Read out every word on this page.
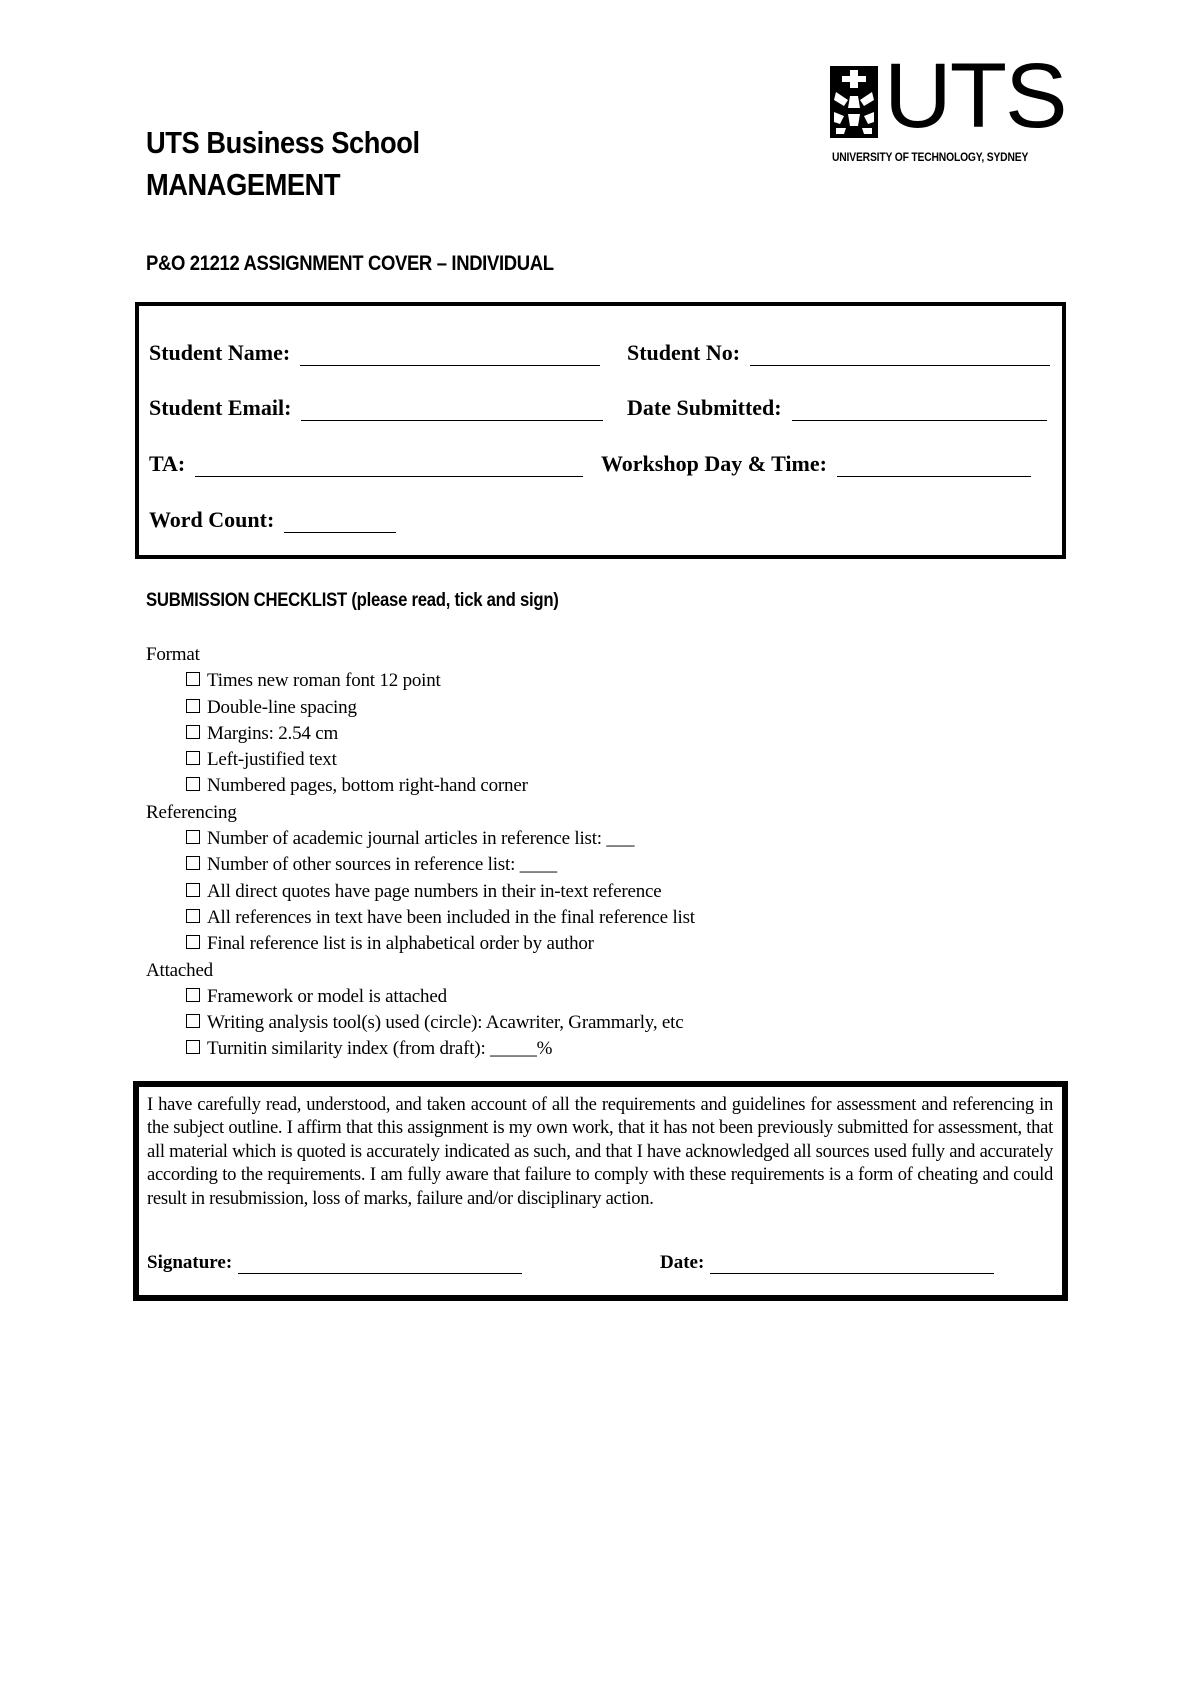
UTS Business School
MANAGEMENT
UTS
UNIVERSITY OF TECHNOLOGY, SYDNEY
P&O 21212 ASSIGNMENT COVER – INDIVIDUAL
Student Name:	Student No:
Student Email:	Date Submitted:
TA:	Workshop Day & Time:
Word Count:
SUBMISSION CHECKLIST (please read, tick and sign)
Format
Times new roman font 12 point
Double-line spacing
Margins: 2.54 cm
Left-justified text
Numbered pages, bottom right-hand corner
Referencing
Number of academic journal articles in reference list: ___
Number of other sources in reference list: ____
All direct quotes have page numbers in their in-text reference
All references in text have been included in the final reference list
Final reference list is in alphabetical order by author
Attached
Framework or model is attached
Writing analysis tool(s) used (circle): Acawriter, Grammarly, etc
Turnitin similarity index (from draft): _____%
I have carefully read, understood, and taken account of all the requirements and guidelines for assessment and referencing in the subject outline. I affirm that this assignment is my own work, that it has not been previously submitted for assessment, that all material which is quoted is accurately indicated as such, and that I have acknowledged all sources used fully and accurately according to the requirements. I am fully aware that failure to comply with these requirements is a form of cheating and could result in resubmission, loss of marks, failure and/or disciplinary action.
Signature:	Date:
